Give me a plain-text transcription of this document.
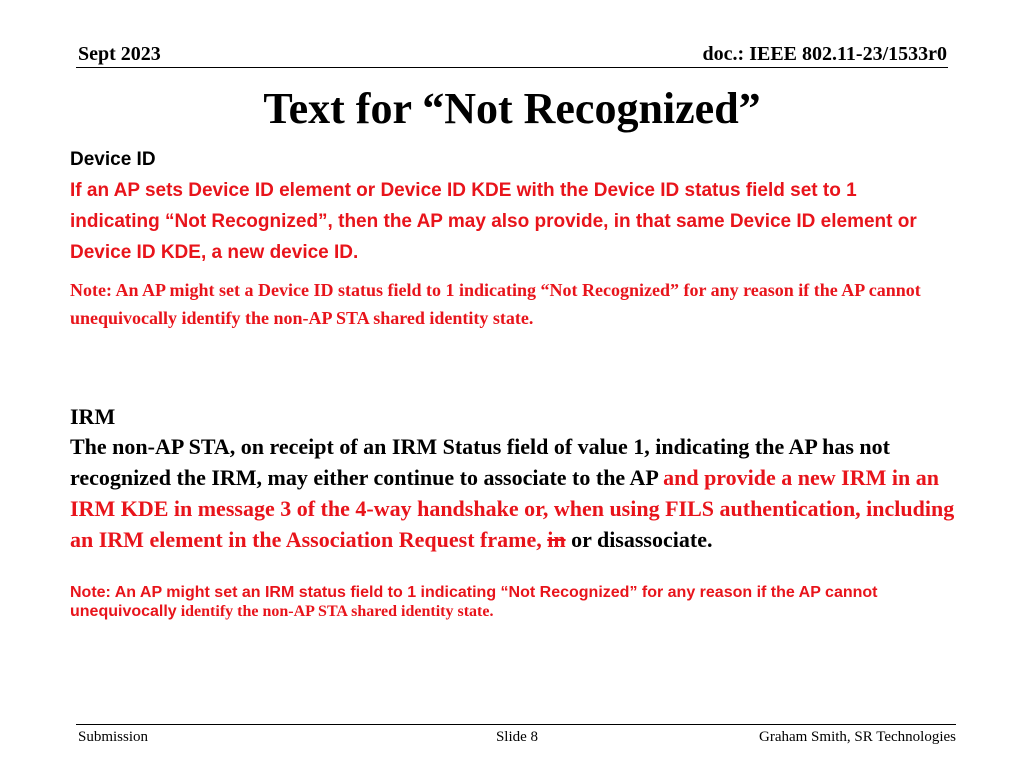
Sept 2023	doc.: IEEE 802.11-23/1533r0
Text for “Not Recognized”
Device ID
If an AP sets Device ID element or Device ID KDE with the Device ID status field set to 1 indicating “Not Recognized”, then the AP may also provide, in that same Device ID element or Device ID KDE, a new device ID.
Note: An AP might set a Device ID status field to 1 indicating “Not Recognized” for any reason if the AP cannot unequivocally identify the non-AP STA shared identity state.
IRM
The non-AP STA, on receipt of an IRM Status field of value 1, indicating the AP has not recognized the IRM, may either continue to associate to the AP and provide a new IRM in an IRM KDE in message 3 of the 4-way handshake or, when using FILS authentication, including an IRM element in the Association Request frame, in or disassociate.
Note: An AP might set an IRM status field to 1 indicating “Not Recognized” for any reason if the AP cannot unequivocally identify the non-AP STA shared identity state.
Submission	Slide 8	Graham Smith, SR Technologies
